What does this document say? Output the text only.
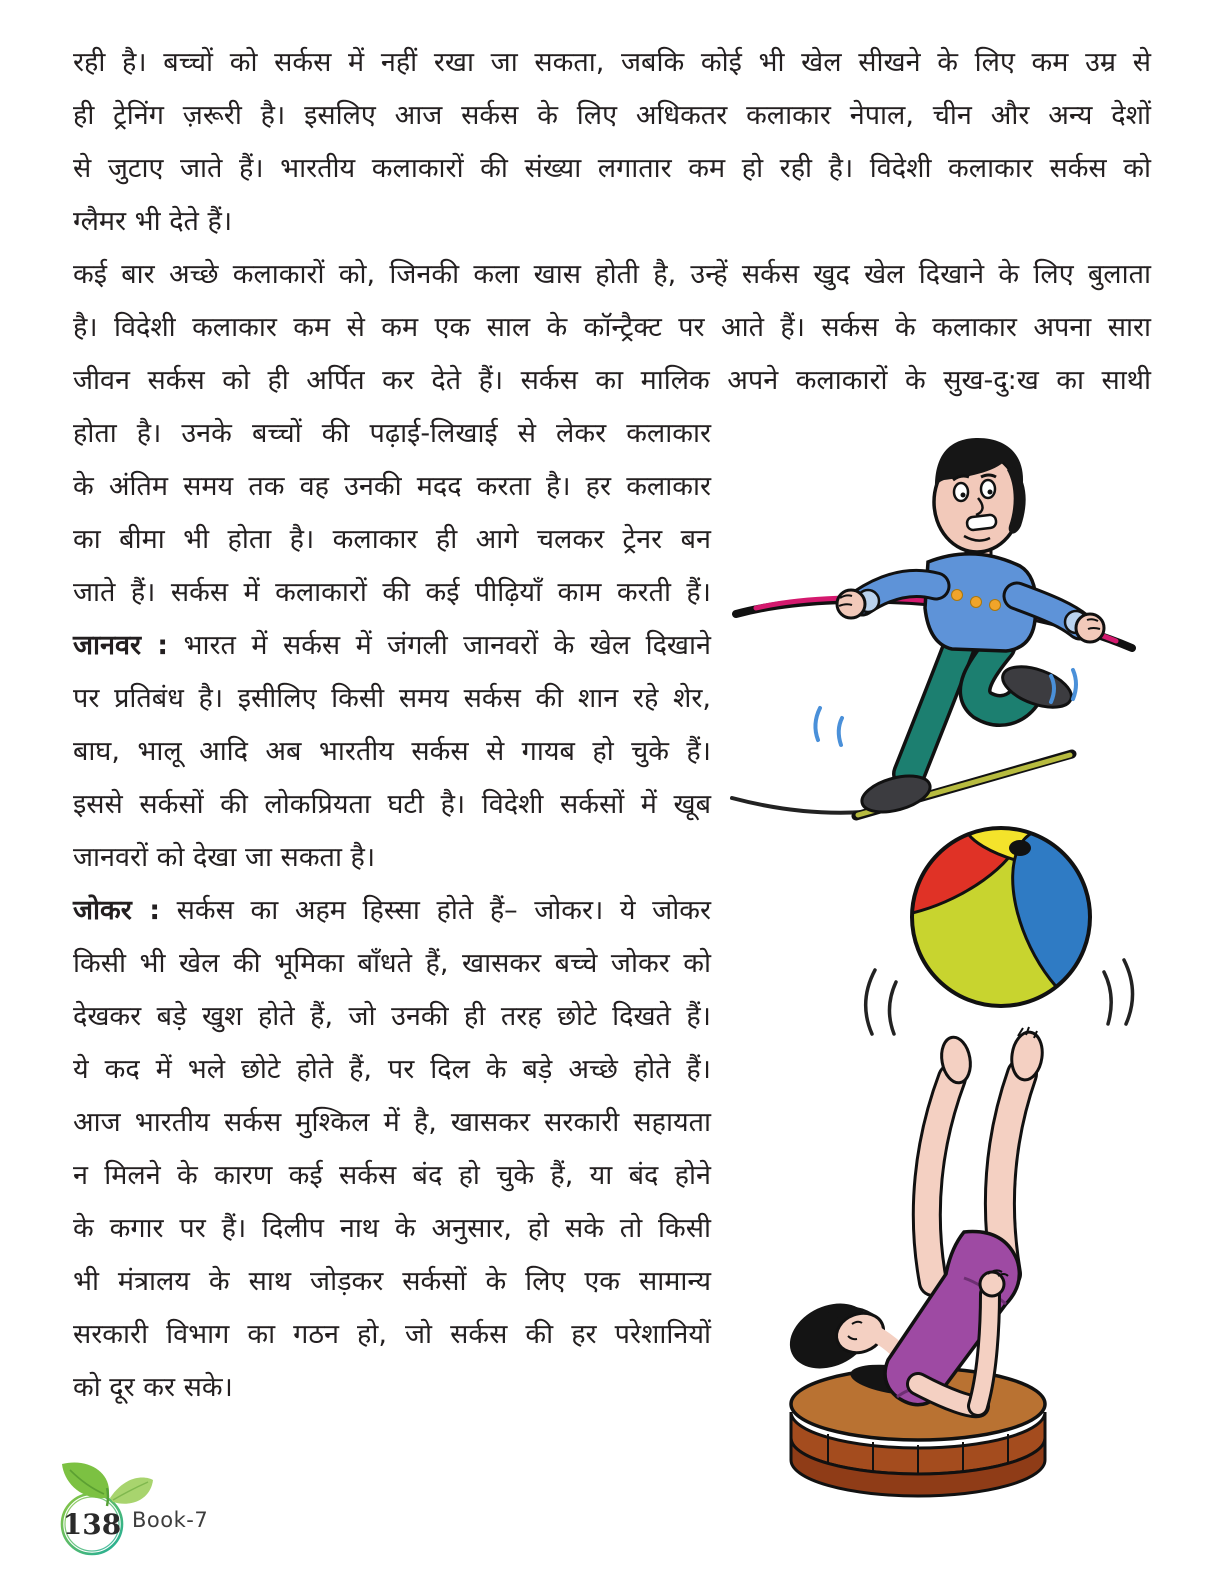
रही है। बच्चों को सर्कस में नहीं रखा जा सकता, जबकि कोई भी खेल सीखने के लिए कम उम्र से
ही ट्रेनिंग ज़रूरी है। इसलिए आज सर्कस के लिए अधिकतर कलाकार नेपाल, चीन और अन्य देशों
से जुटाए जाते हैं। भारतीय कलाकारों की संख्या लगातार कम हो रही है। विदेशी कलाकार सर्कस को
ग्लैमर भी देते हैं।
कई बार अच्छे कलाकारों को, जिनकी कला खास होती है, उन्हें सर्कस खुद खेल दिखाने के लिए बुलाता
है। विदेशी कलाकार कम से कम एक साल के कॉन्ट्रैक्ट पर आते हैं। सर्कस के कलाकार अपना सारा
जीवन सर्कस को ही अर्पित कर देते हैं। सर्कस का मालिक अपने कलाकारों के सुख-दु:ख का साथी
होता है। उनके बच्चों की पढ़ाई-लिखाई से लेकर कलाकार
के अंतिम समय तक वह उनकी मदद करता है। हर कलाकार
का बीमा भी होता है। कलाकार ही आगे चलकर ट्रेनर बन
जाते हैं। सर्कस में कलाकारों की कई पीढ़ियाँ काम करती हैं।
जानवर : भारत में सर्कस में जंगली जानवरों के खेल दिखाने
पर प्रतिबंध है। इसीलिए किसी समय सर्कस की शान रहे शेर,
बाघ, भालू आदि अब भारतीय सर्कस से गायब हो चुके हैं।
इससे सर्कसों की लोकप्रियता घटी है। विदेशी सर्कसों में खूब
जानवरों को देखा जा सकता है।
जोकर : सर्कस का अहम हिस्सा होते हैं– जोकर। ये जोकर
किसी भी खेल की भूमिका बाँधते हैं, खासकर बच्चे जोकर को
देखकर बड़े खुश होते हैं, जो उनकी ही तरह छोटे दिखते हैं।
ये कद में भले छोटे होते हैं, पर दिल के बड़े अच्छे होते हैं।
आज भारतीय सर्कस मुश्किल में है, खासकर सरकारी सहायता
न मिलने के कारण कई सर्कस बंद हो चुके हैं, या बंद होने
के कगार पर हैं। दिलीप नाथ के अनुसार, हो सके तो किसी
भी मंत्रालय के साथ जोड़कर सर्कसों के लिए एक सामान्य
सरकारी विभाग का गठन हो, जो सर्कस की हर परेशानियों
को दूर कर सके।
138 Book-7
